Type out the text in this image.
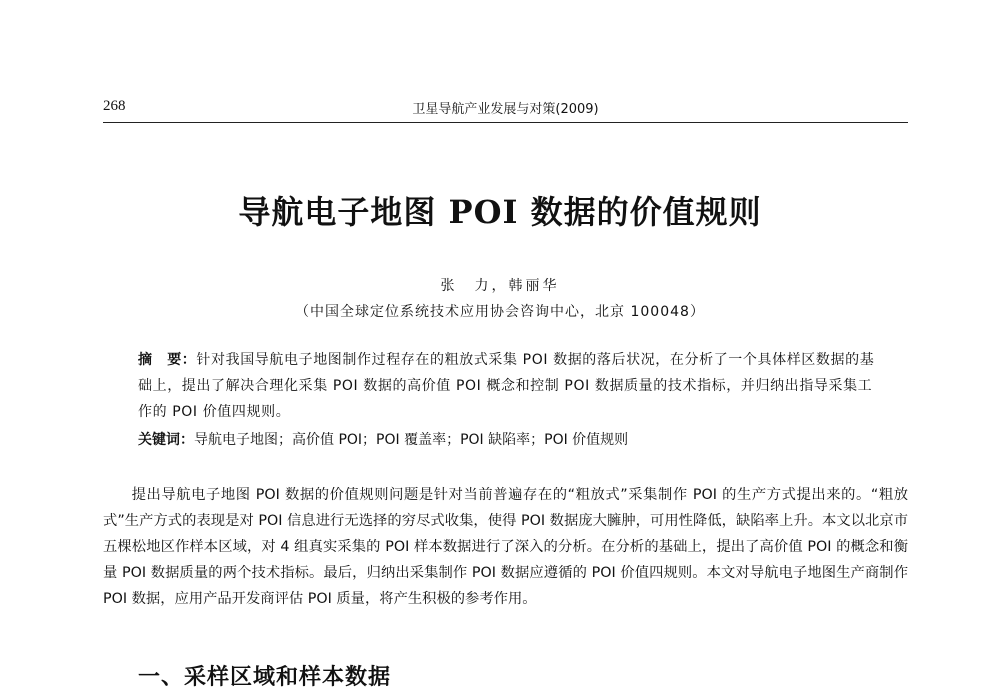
268	卫星导航产业发展与对策(2009)
导航电子地图 POI 数据的价值规则
张　力，韩丽华
（中国全球定位系统技术应用协会咨询中心，北京 100048）
摘　要：针对我国导航电子地图制作过程存在的粗放式采集 POI 数据的落后状况，在分析了一个具体样区数据的基础上，提出了解决合理化采集 POI 数据的高价值 POI 概念和控制 POI 数据质量的技术指标，并归纳出指导采集工作的 POI 价值四规则。
关键词：导航电子地图；高价值 POI；POI 覆盖率；POI 缺陷率；POI 价值规则
提出导航电子地图 POI 数据的价值规则问题是针对当前普遍存在的“粗放式”采集制作 POI 的生产方式提出来的。“粗放式”生产方式的表现是对 POI 信息进行无选择的穷尽式收集，使得 POI 数据庞大臃肿，可用性降低，缺陷率上升。本文以北京市五棵松地区作样本区域，对 4 组真实采集的 POI 样本数据进行了深入的分析。在分析的基础上，提出了高价值 POI 的概念和衡量 POI 数据质量的两个技术指标。最后，归纳出采集制作 POI 数据应遵循的 POI 价值四规则。本文对导航电子地图生产商制作 POI 数据，应用产品开发商评估 POI 质量，将产生积极的参考作用。
一、采样区域和样本数据
